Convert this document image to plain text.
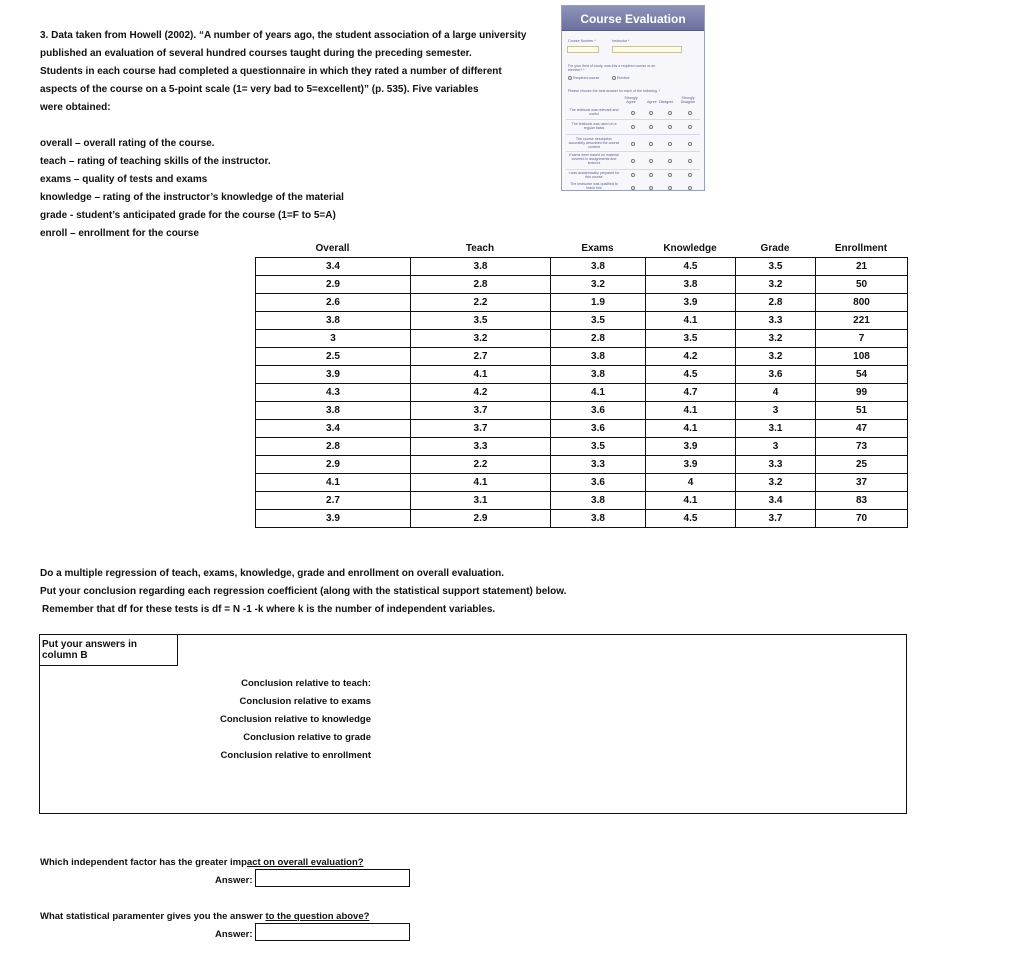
3. Data taken from Howell (2002). “A number of years ago, the student association of a large university
published an evaluation of several hundred courses taught during the preceding semester.
Students in each course had completed a questionnaire in which they rated a number of different
aspects of the course on a 5-point scale (1= very bad to 5=excellent)” (p. 535). Five variables
were obtained:
overall – overall rating of the course.
teach – rating of teaching skills of the instructor.
exams – quality of tests and exams
knowledge – rating of the instructor’s knowledge of the material
grade - student’s anticipated grade for the course (1=F to 5=A)
enroll – enrollment for the course
Course Evaluation
Course Number *	Instructor *
For your field of study, was this a required course or an
elective? *
Required course	Elective
Please choose the best answer for each of the following. *
Strongly Agree	Agree Disagree
Strongly Disagree
The textbook was relevant and useful
The textbook was used on a regular basis
The course description accurately described the course content
Exams were based on material covered in assignments and lectures
I was academically prepared for this course
The instructor was qualified to teach this
Overall	Teach	Exams	Knowledge	Grade	Enrollment
3.4	3.8	3.8	4.5	3.5	21
2.9	2.8	3.2	3.8	3.2	50
2.6	2.2	1.9	3.9	2.8	800
3.8	3.5	3.5	4.1	3.3	221
3	3.2	2.8	3.5	3.2	7
2.5	2.7	3.8	4.2	3.2	108
3.9	4.1	3.8	4.5	3.6	54
4.3	4.2	4.1	4.7	4	99
3.8	3.7	3.6	4.1	3	51
3.4	3.7	3.6	4.1	3.1	47
2.8	3.3	3.5	3.9	3	73
2.9	2.2	3.3	3.9	3.3	25
4.1	4.1	3.6	4	3.2	37
2.7	3.1	3.8	4.1	3.4	83
3.9	2.9	3.8	4.5	3.7	70
Do a multiple regression of teach, exams, knowledge, grade and enrollment on overall evaluation.
Put your conclusion regarding each regression coefficient (along with the statistical support statement) below.
Remember that df for these tests is df = N -1 -k where k is the number of independent variables.
Put your answers in column B
Conclusion relative to teach:
Conclusion relative to exams
Conclusion relative to knowledge
Conclusion relative to grade
Conclusion relative to enrollment
Which independent factor has the greater impact on overall evaluation?
Answer:
What statistical paramenter gives you the answer to the question above?
Answer:
